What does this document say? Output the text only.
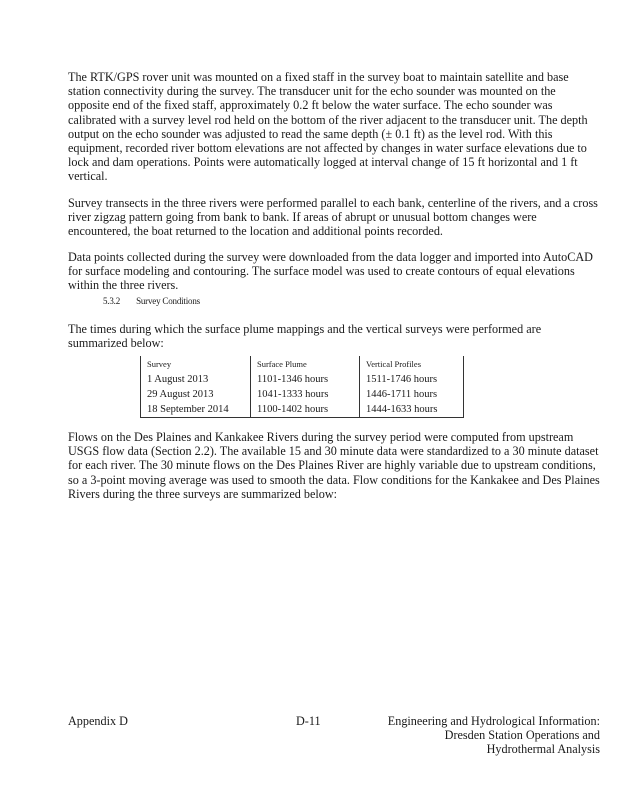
The RTK/GPS rover unit was mounted on a fixed staff in the survey boat to maintain satellite and base station connectivity during the survey. The transducer unit for the echo sounder was mounted on the opposite end of the fixed staff, approximately 0.2 ft below the water surface. The echo sounder was calibrated with a survey level rod held on the bottom of the river adjacent to the transducer unit. The depth output on the echo sounder was adjusted to read the same depth (± 0.1 ft) as the level rod. With this equipment, recorded river bottom elevations are not affected by changes in water surface elevations due to lock and dam operations. Points were automatically logged at interval change of 15 ft horizontal and 1 ft vertical.

Survey transects in the three rivers were performed parallel to each bank, centerline of the rivers, and a cross river zigzag pattern going from bank to bank. If areas of abrupt or unusual bottom changes were encountered, the boat returned to the location and additional points recorded.

Data points collected during the survey were downloaded from the data logger and imported into AutoCAD for surface modeling and contouring. The surface model was used to create contours of equal elevations within the three rivers.

5.3.2 Survey Conditions

The times during which the surface plume mappings and the vertical surveys were performed are summarized below:

Survey	Surface Plume	Vertical Profiles
1 August 2013	1101-1346 hours	1511-1746 hours
29 August 2013	1041-1333 hours	1446-1711 hours
18 September 2014	1100-1402 hours	1444-1633 hours

Flows on the Des Plaines and Kankakee Rivers during the survey period were computed from upstream USGS flow data (Section 2.2). The available 15 and 30 minute data were standardized to a 30 minute dataset for each river. The 30 minute flows on the Des Plaines River are highly variable due to upstream conditions, so a 3-point moving average was used to smooth the data. Flow conditions for the Kankakee and Des Plaines Rivers during the three surveys are summarized below:

Appendix D	D-11	Engineering and Hydrological Information:
Dresden Station Operations and
Hydrothermal Analysis
